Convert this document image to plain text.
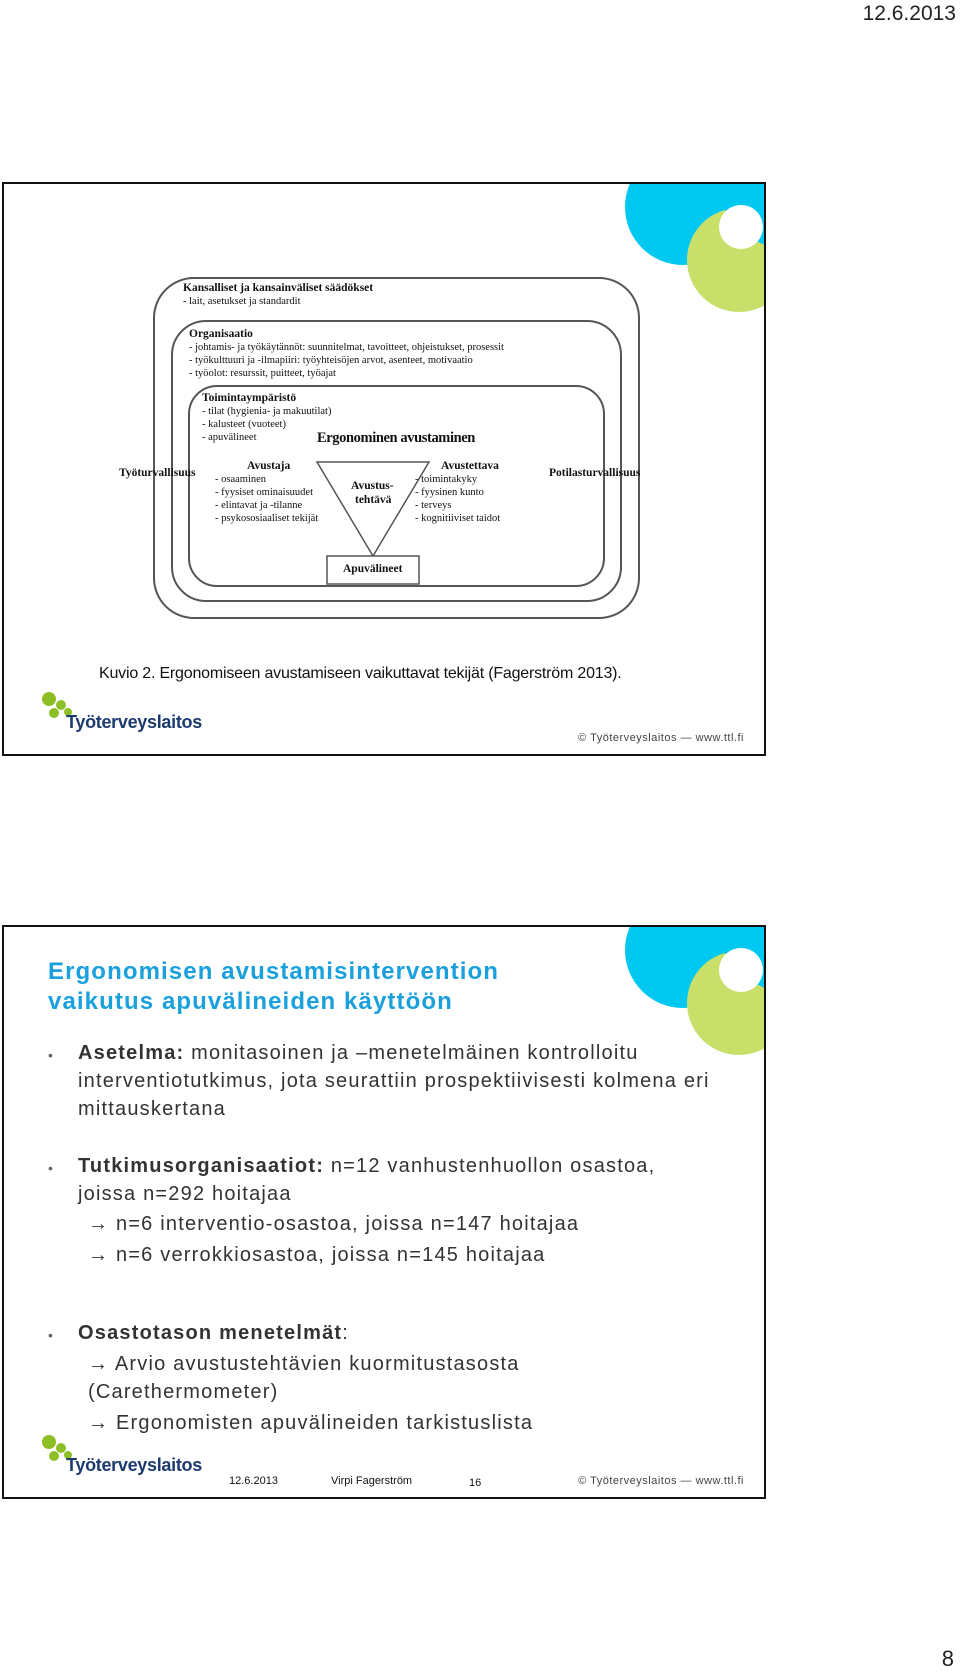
12.6.2013
8
Kansalliset ja kansainväliset säädökset
- lait, asetukset ja standardit
Organisaatio
- johtamis- ja työkäytännöt: suunnitelmat, tavoitteet, ohjeistukset, prosessit
- työkulttuuri ja -ilmapiiri: työyhteisöjen arvot, asenteet, motivaatio
- työolot: resurssit, puitteet, työajat
Toimintaympäristö
- tilat (hygienia- ja makuutilat)
- kalusteet (vuoteet)
- apuvälineet	Ergonominen avustaminen
Avustaja
- osaaminen
- fyysiset ominaisuudet
- elintavat ja -tilanne
- psykososiaaliset tekijät
Avustettava
- toimintakyky
- fyysinen kunto
- terveys
- kognitiiviset taidot
Avustus-
tehtävä
Apuvälineet
Työturvallisuus	Potilasturvallisuus
Kuvio 2. Ergonomiseen avustamiseen vaikuttavat tekijät (Fagerström 2013).
Työterveyslaitos
© Työterveyslaitos — www.ttl.fi
Ergonomisen avustamisintervention
vaikutus apuvälineiden käyttöön
• Asetelma: monitasoinen ja –menetelmäinen kontrolloitu interventiotutkimus, jota seurattiin prospektiivisesti kolmena eri mittauskertana
• Tutkimusorganisaatiot: n=12 vanhustenhuollon osastoa, joissa n=292 hoitajaa
→ n=6 interventio-osastoa, joissa n=147 hoitajaa
→ n=6 verrokkiosastoa, joissa n=145 hoitajaa
• Osastotason menetelmät:
→ Arvio avustustehtävien kuormitustasosta
(Carethermometer)
→ Ergonomisten apuvälineiden tarkistuslista
Työterveyslaitos
12.6.2013	Virpi Fagerström	16	© Työterveyslaitos — www.ttl.fi
